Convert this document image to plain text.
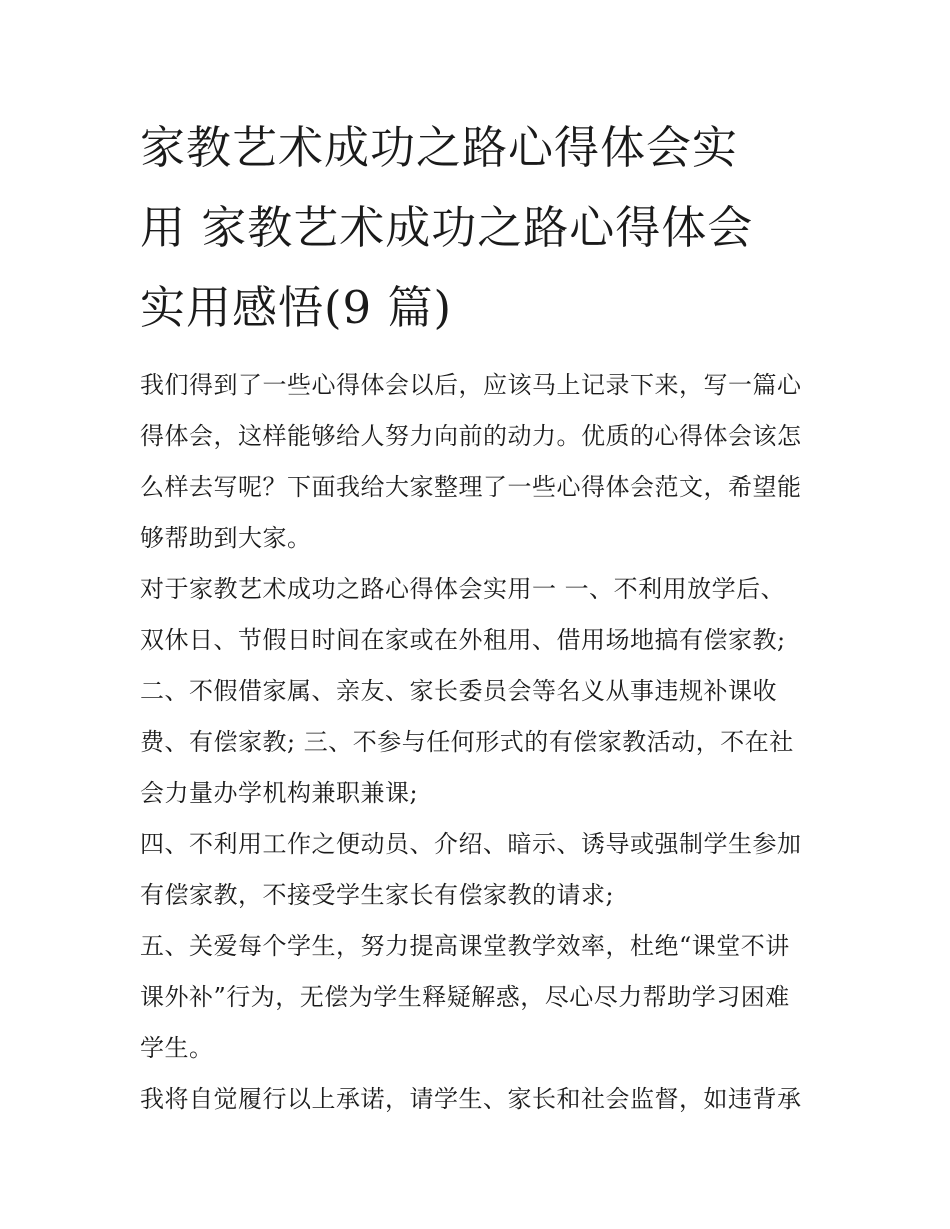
家教艺术成功之路心得体会实
用 家教艺术成功之路心得体会
实用感悟(9 篇)

我们得到了一些心得体会以后，应该马上记录下来，写一篇心
得体会，这样能够给人努力向前的动力。优质的心得体会该怎
么样去写呢？下面我给大家整理了一些心得体会范文，希望能
够帮助到大家。

对于家教艺术成功之路心得体会实用一 一、不利用放学后、
双休日、节假日时间在家或在外租用、借用场地搞有偿家教;
二、不假借家属、亲友、家长委员会等名义从事违规补课收
费、有偿家教; 三、不参与任何形式的有偿家教活动，不在社
会力量办学机构兼职兼课;

四、不利用工作之便动员、介绍、暗示、诱导或强制学生参加
有偿家教，不接受学生家长有偿家教的请求;

五、关爱每个学生，努力提高课堂教学效率，杜绝“课堂不讲
课外补”行为，无偿为学生释疑解惑，尽心尽力帮助学习困难
学生。

我将自觉履行以上承诺，请学生、家长和社会监督，如违背承
